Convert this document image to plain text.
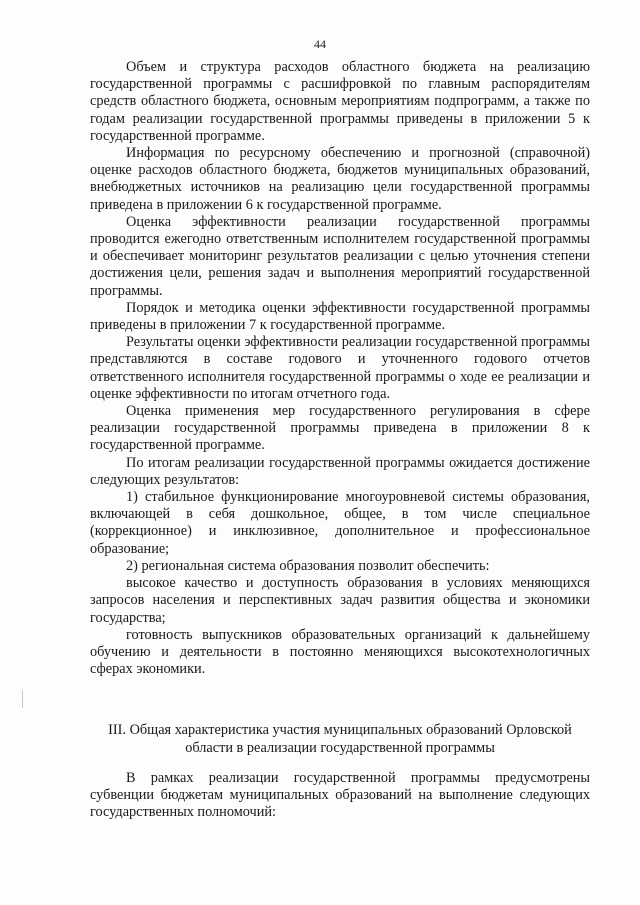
44

Объем и структура расходов областного бюджета на реализацию государственной программы с расшифровкой по главным распорядителям средств областного бюджета, основным мероприятиям подпрограмм, а также по годам реализации государственной программы приведены в приложении 5 к государственной программе.

Информация по ресурсному обеспечению и прогнозной (справочной) оценке расходов областного бюджета, бюджетов муниципальных образований, внебюджетных источников на реализацию цели государственной программы приведена в приложении 6 к государственной программе.

Оценка эффективности реализации государственной программы проводится ежегодно ответственным исполнителем государственной программы и обеспечивает мониторинг результатов реализации с целью уточнения степени достижения цели, решения задач и выполнения мероприятий государственной программы.

Порядок и методика оценки эффективности государственной программы приведены в приложении 7 к государственной программе.

Результаты оценки эффективности реализации государственной программы представляются в составе годового и уточненного годового отчетов ответственного исполнителя государственной программы о ходе ее реализации и оценке эффективности по итогам отчетного года.

Оценка применения мер государственного регулирования в сфере реализации государственной программы приведена в приложении 8 к государственной программе.

По итогам реализации государственной программы ожидается достижение следующих результатов:

1) стабильное функционирование многоуровневой системы образования, включающей в себя дошкольное, общее, в том числе специальное (коррекционное) и инклюзивное, дополнительное и профессиональное образование;

2) региональная система образования позволит обеспечить:

высокое качество и доступность образования в условиях меняющихся запросов населения и перспективных задач развития общества и экономики государства;

готовность выпускников образовательных организаций к дальнейшему обучению и деятельности в постоянно меняющихся высокотехнологичных сферах экономики.

III. Общая характеристика участия муниципальных образований Орловской
области в реализации государственной программы

В рамках реализации государственной программы предусмотрены субвенции бюджетам муниципальных образований на выполнение следующих государственных полномочий:
